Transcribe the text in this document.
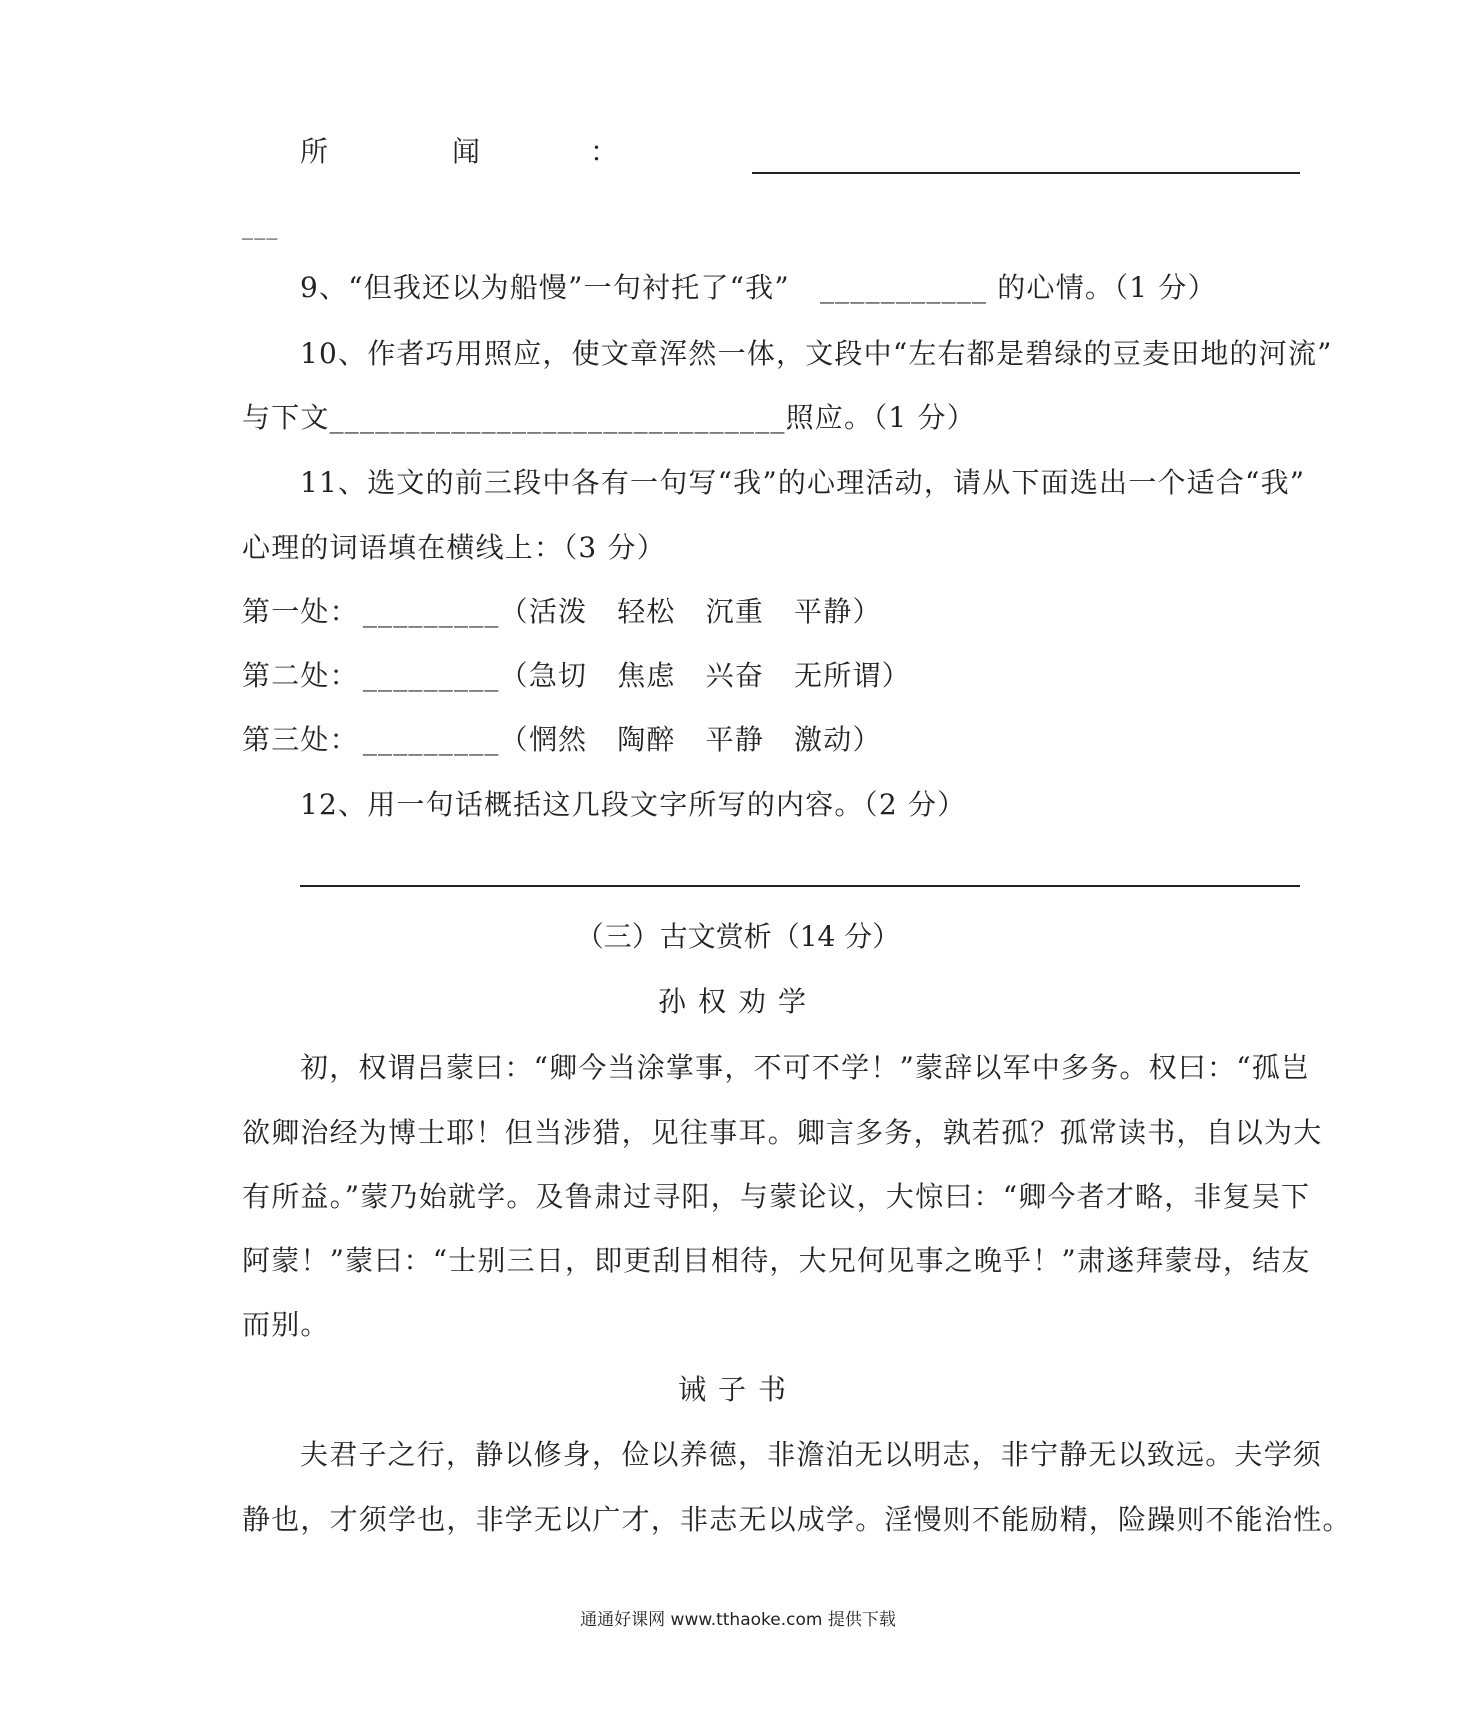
所	闻	：
___
9、“但我还以为船慢”一句衬托了“我” ___________ 的心情。（1 分）
10、作者巧用照应，使文章浑然一体，文段中“左右都是碧绿的豆麦田地的河流”
与下文______________________________照应。（1 分）
11、选文的前三段中各有一句写“我”的心理活动，请从下面选出一个适合“我”
心理的词语填在横线上：（3 分）
第一处： _________（活泼 轻松 沉重 平静）
第二处： _________（急切 焦虑 兴奋 无所谓）
第三处： _________（惘然 陶醉 平静 激动）
12、用一句话概括这几段文字所写的内容。（2 分）
（三）古文赏析（14 分）
孙权劝学
初，权谓吕蒙曰：“卿今当涂掌事，不可不学！”蒙辞以军中多务。权曰：“孤岂
欲卿治经为博士耶！但当涉猎，见往事耳。卿言多务，孰若孤？孤常读书，自以为大
有所益。”蒙乃始就学。及鲁肃过寻阳，与蒙论议，大惊曰：“卿今者才略，非复吴下
阿蒙！”蒙曰：“士别三日，即更刮目相待，大兄何见事之晚乎！”肃遂拜蒙母，结友
而别。
诫子书
夫君子之行，静以修身，俭以养德，非澹泊无以明志，非宁静无以致远。夫学须
静也，才须学也，非学无以广才，非志无以成学。淫慢则不能励精，险躁则不能治性。
通通好课网 www.tthaoke.com 提供下载
